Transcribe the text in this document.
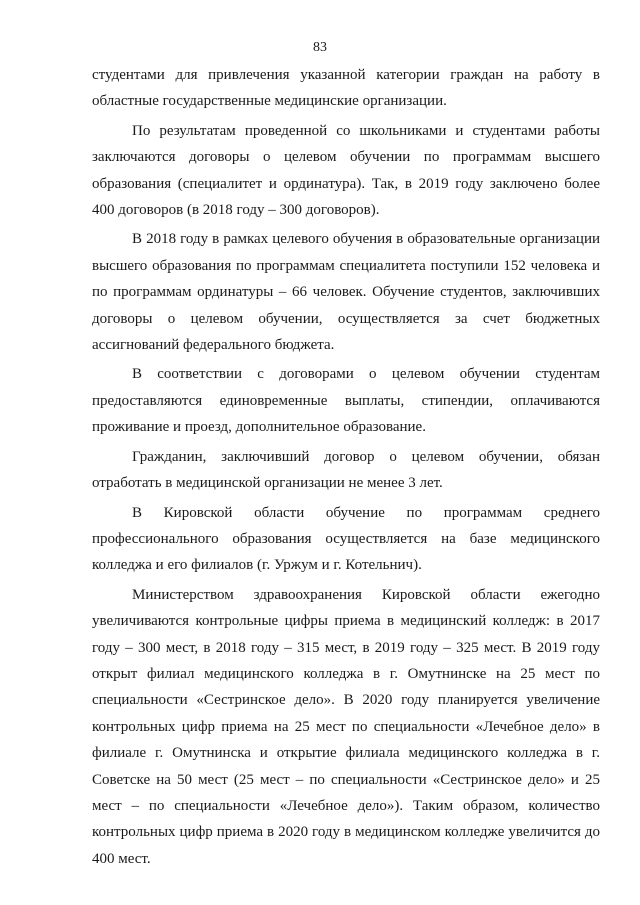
83

студентами для привлечения указанной категории граждан на работу в областные государственные медицинские организации.

По результатам проведенной со школьниками и студентами работы заключаются договоры о целевом обучении по программам высшего образования (специалитет и ординатура). Так, в 2019 году заключено более 400 договоров (в 2018 году – 300 договоров).

В 2018 году в рамках целевого обучения в образовательные организации высшего образования по программам специалитета поступили 152 человека и по программам ординатуры – 66 человек. Обучение студентов, заключивших договоры о целевом обучении, осуществляется за счет бюджетных ассигнований федерального бюджета.

В соответствии с договорами о целевом обучении студентам предоставляются единовременные выплаты, стипендии, оплачиваются проживание и проезд, дополнительное образование.

Гражданин, заключивший договор о целевом обучении, обязан отработать в медицинской организации не менее 3 лет.

В Кировской области обучение по программам среднего профессионального образования осуществляется на базе медицинского колледжа и его филиалов (г. Уржум и г. Котельнич).

Министерством здравоохранения Кировской области ежегодно увеличиваются контрольные цифры приема в медицинский колледж: в 2017 году – 300 мест, в 2018 году – 315 мест, в 2019 году – 325 мест. В 2019 году открыт филиал медицинского колледжа в г. Омутнинске на 25 мест по специальности «Сестринское дело». В 2020 году планируется увеличение контрольных цифр приема на 25 мест по специальности «Лечебное дело» в филиале г. Омутнинска и открытие филиала медицинского колледжа в г. Советске на 50 мест (25 мест – по специальности «Сестринское дело» и 25 мест – по специальности «Лечебное дело»). Таким образом, количество контрольных цифр приема в 2020 году в медицинском колледже увеличится до 400 мест.
